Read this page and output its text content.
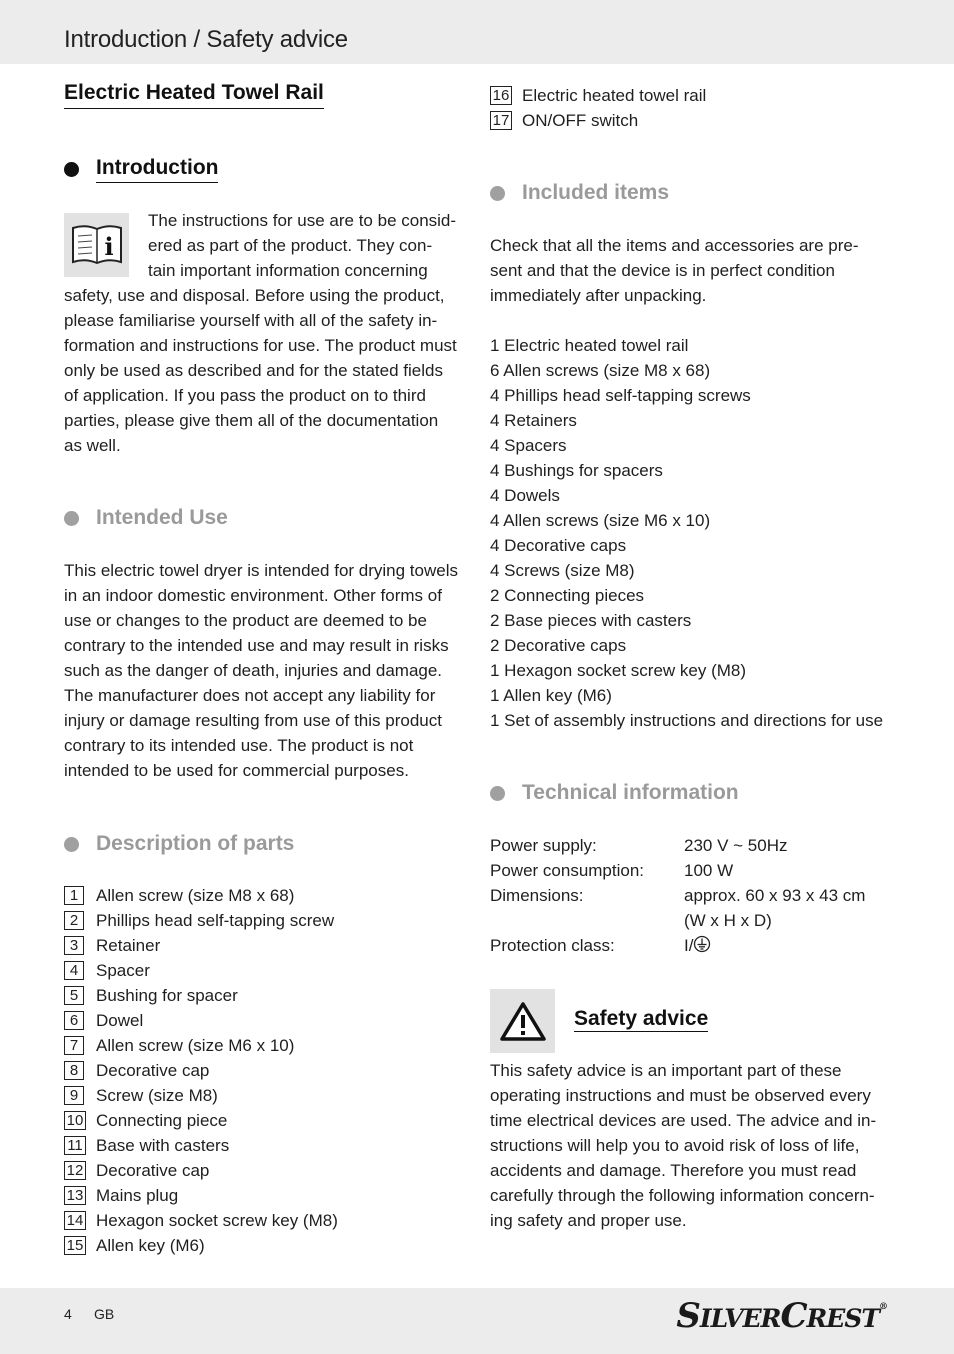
Introduction / Safety advice
Electric Heated Towel Rail
Introduction
i

The instructions for use are to be consid-

ered as part of the product. They con-

tain important information concerning

safety, use and disposal. Before using the product,

please familiarise yourself with all of the safety in-

formation and instructions for use. The product must

only be used as described and for the stated fields

of application. If you pass the product on to third

parties, please give them all of the documentation

as well.

Intended Use

This electric towel dryer is intended for drying towels

in an indoor domestic environment. Other forms of

use or changes to the product are deemed to be

contrary to the intended use and may result in risks

such as the danger of death, injuries and damage.

The manufacturer does not accept any liability for

injury or damage resulting from use of this product

contrary to its intended use. The product is not

intended to be used for commercial purposes.

Description of parts
1	Allen screw (size M8 x 68)
2	Phillips head self-tapping screw
3	Retainer
4	Spacer
5	Bushing for spacer
6	Dowel
7	Allen screw (size M6 x 10)
8	Decorative cap
9	Screw (size M8)
10 Connecting piece
11 Base with casters
12 Decorative cap
13 Mains plug
14 Hexagon socket screw key (M8)
15 Allen key (M6)
16 Electric heated towel rail
17 ON/OFF switch
Included items

Check that all the items and accessories are pre-

sent and that the device is in perfect condition

immediately after unpacking.

1 Electric heated towel rail
6 Allen screws (size M8 x 68)
4 Phillips head self-tapping screws
4 Retainers
4 Spacers
4 Bushings for spacers
4 Dowels
4 Allen screws (size M6 x 10)
4 Decorative caps
4 Screws (size M8)
2 Connecting pieces
2 Base pieces with casters
2 Decorative caps
1 Hexagon socket screw key (M8)
1 Allen key (M6)
1 Set of assembly instructions and directions for use
Technical information
Power supply:	230 V ~ 50Hz
Power consumption:	100 W
Dimensions:	approx. 60 x 93 x 43 cm
	(W x H x D)
Protection class:	I/
Safety advice

This safety advice is an important part of these

operating instructions and must be observed every

time electrical devices are used. The advice and in-

structions will help you to avoid risk of loss of life,

accidents and damage. Therefore you must read

carefully through the following information concern-

ing safety and proper use.

4 GB	SILVERCREST®
